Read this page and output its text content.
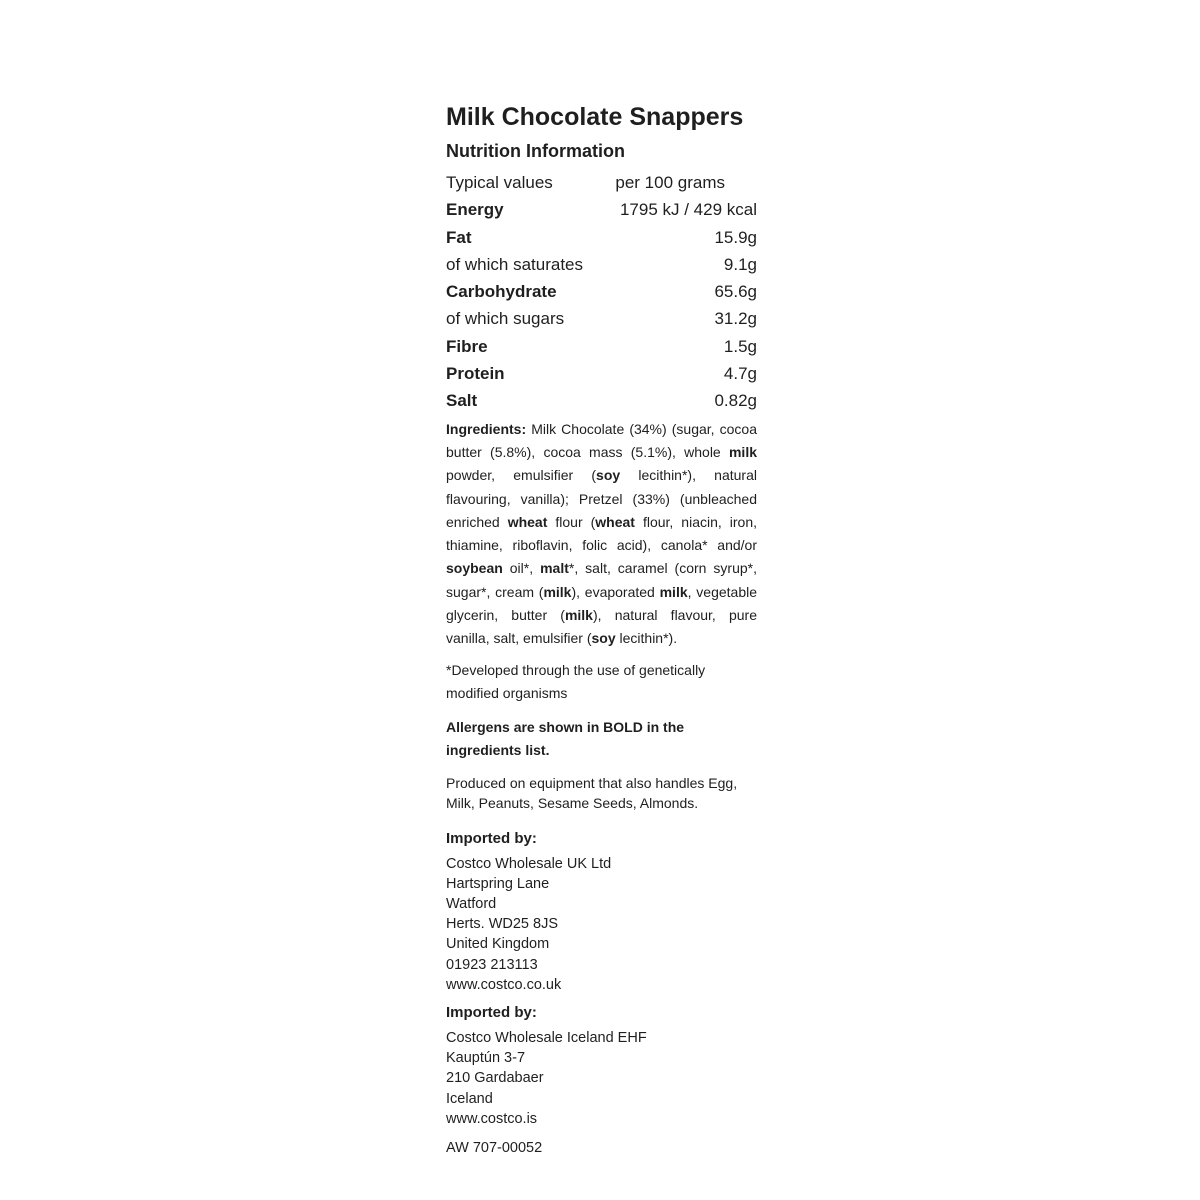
Milk Chocolate Snappers
Nutrition Information
Typical values	per 100 grams
Energy	1795 kJ / 429 kcal
Fat	15.9g
of which saturates	9.1g
Carbohydrate	65.6g
of which sugars	31.2g
Fibre	1.5g
Protein	4.7g
Salt	0.82g

Ingredients: Milk Chocolate (34%) (sugar, cocoa butter (5.8%), cocoa mass (5.1%), whole milk powder, emulsifier (soy lecithin*), natural flavouring, vanilla); Pretzel (33%) (unbleached enriched wheat flour (wheat flour, niacin, iron, thiamine, riboflavin, folic acid), canola* and/or soybean oil*, malt*, salt, caramel (corn syrup*, sugar*, cream (milk), evaporated milk, vegetable glycerin, butter (milk), natural flavour, pure vanilla, salt, emulsifier (soy lecithin*).

*Developed through the use of genetically modified organisms

Allergens are shown in BOLD in the ingredients list.

Produced on equipment that also handles Egg, Milk, Peanuts, Sesame Seeds, Almonds.

Imported by:
Costco Wholesale UK Ltd
Hartspring Lane
Watford
Herts. WD25 8JS
United Kingdom
01923 213113
www.costco.co.uk
Imported by:
Costco Wholesale Iceland EHF
Kauptún 3-7
210 Gardabaer
Iceland
www.costco.is

AW 707-00052
